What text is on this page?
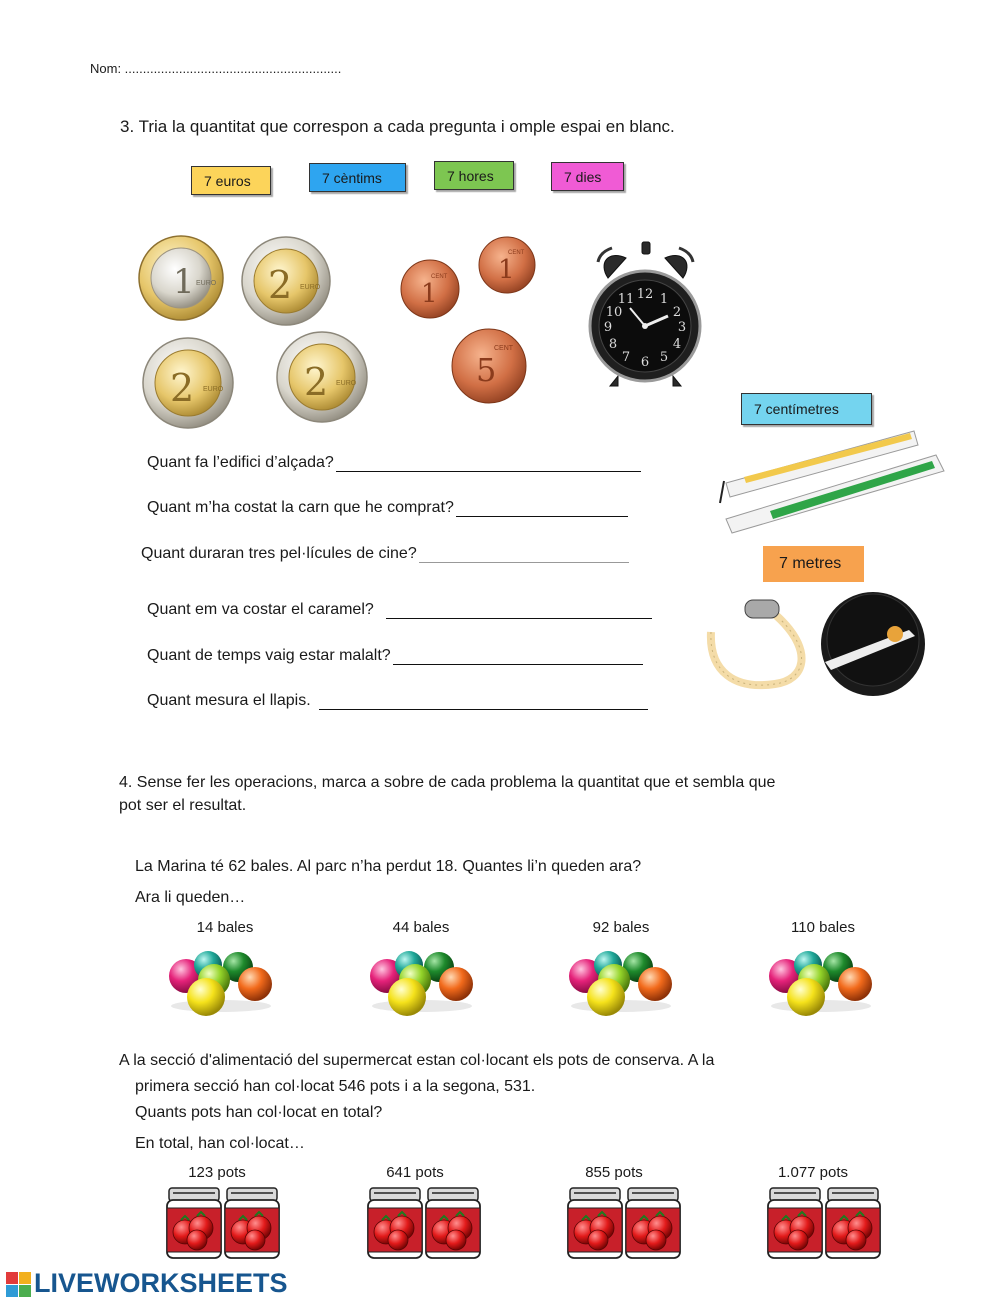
Nom: ............................................................
3. Tria la quantitat que correspon a cada pregunta i omple espai en blanc.
7 euros	7 cèntims	7 hores	7 dies
7 centímetres
7 metres
1 EURO 2 EURO
2 EURO 2 EURO
1
CENT 1
CENT
5
CENT
12 1
2
3
4
5
6
7
8
9
10
11
Quant fa l’edifici d’alçada?
Quant m’ha costat la carn que he comprat?
Quant duraran tres pel·lícules de cine?
Quant em va costar el caramel?
Quant de temps vaig estar malalt?
Quant mesura el llapis.
4. Sense fer les operacions, marca a sobre de cada problema la quantitat que et sembla que pot ser el resultat.
La Marina té 62 bales. Al parc n’ha perdut 18. Quantes li’n queden ara?
Ara li queden…
14 bales	44 bales	92 bales	110 bales
A la secció d'alimentació del supermercat estan col·locant els pots de conserva. A la
primera secció han col·locat 546 pots i a la segona, 531.
Quants pots han col·locat en total?
En total, han col·locat…
123 pots	641 pots	855 pots	1.077 pots
LIVEWORKSHEETS
